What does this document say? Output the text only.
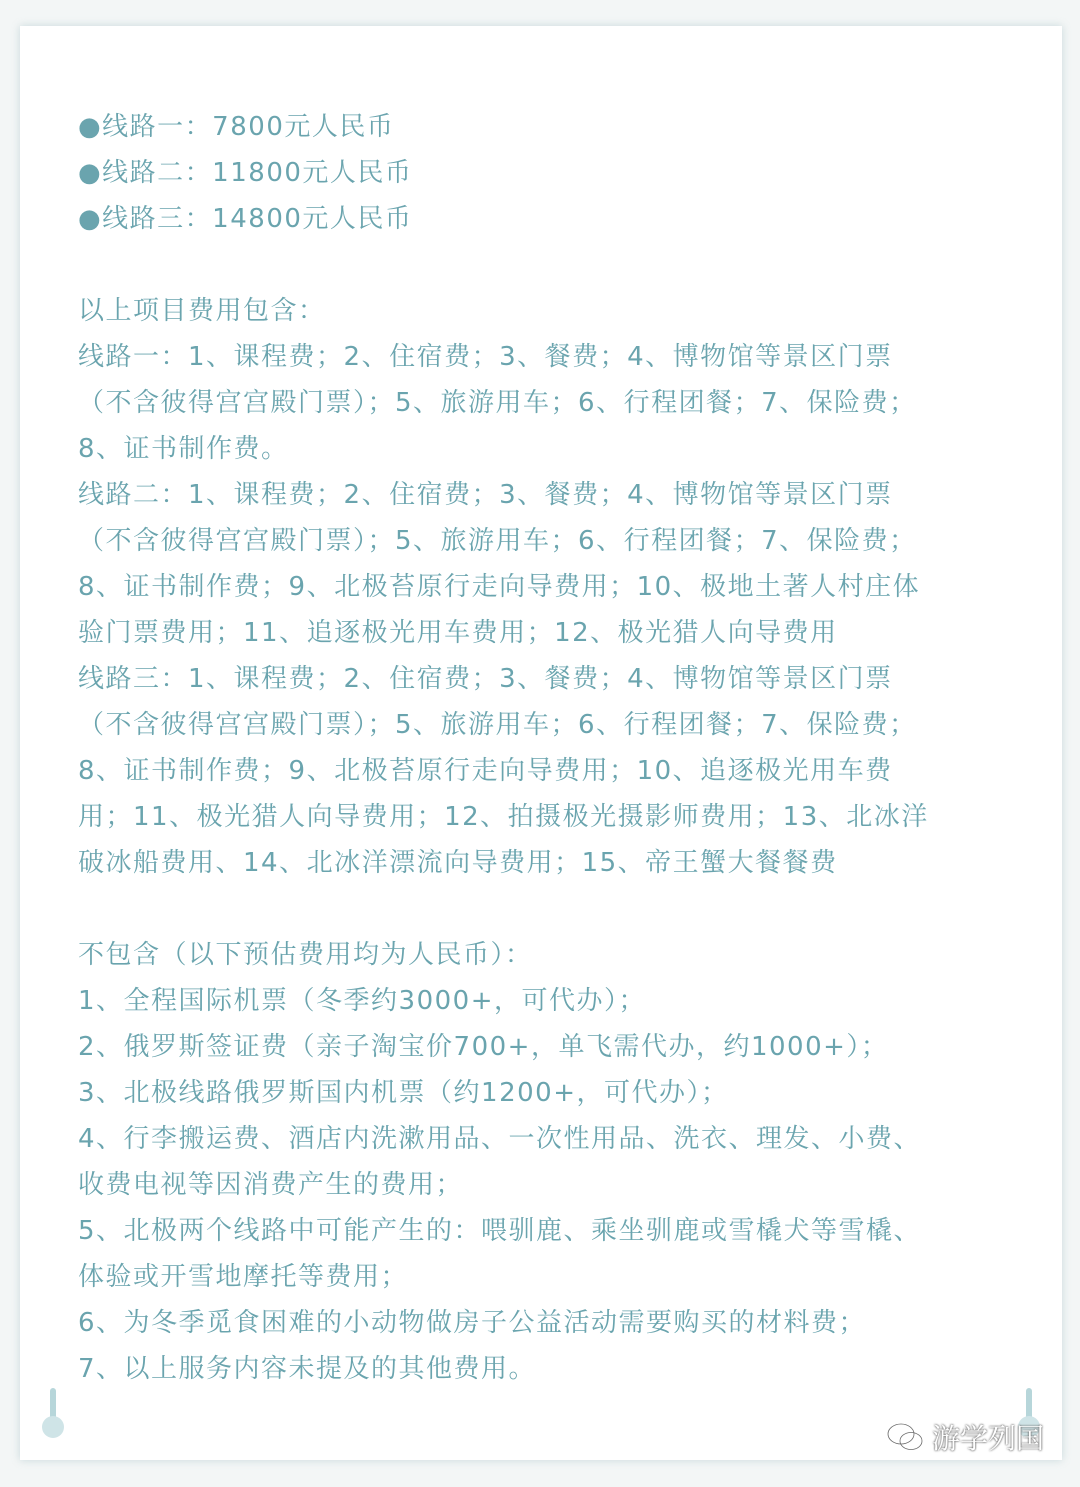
●线路一：7800元人民币
●线路二：11800元人民币
●线路三：14800元人民币
以上项目费用包含：
线路一：1、课程费；2、住宿费；3、餐费；4、博物馆等景区门票
（不含彼得宫宫殿门票）；5、旅游用车；6、行程团餐；7、保险费；
8、证书制作费。
线路二：1、课程费；2、住宿费；3、餐费；4、博物馆等景区门票
（不含彼得宫宫殿门票）；5、旅游用车；6、行程团餐；7、保险费；
8、证书制作费；9、北极苔原行走向导费用；10、极地土著人村庄体
验门票费用；11、追逐极光用车费用；12、极光猎人向导费用
线路三：1、课程费；2、住宿费；3、餐费；4、博物馆等景区门票
（不含彼得宫宫殿门票）；5、旅游用车；6、行程团餐；7、保险费；
8、证书制作费；9、北极苔原行走向导费用；10、追逐极光用车费
用；11、极光猎人向导费用；12、拍摄极光摄影师费用；13、北冰洋
破冰船费用、14、北冰洋漂流向导费用；15、帝王蟹大餐餐费
不包含（以下预估费用均为人民币）：
1、全程国际机票（冬季约3000+，可代办）；
2、俄罗斯签证费（亲子淘宝价700+，单飞需代办，约1000+）；
3、北极线路俄罗斯国内机票（约1200+，可代办）；
4、行李搬运费、酒店内洗漱用品、一次性用品、洗衣、理发、小费、
收费电视等因消费产生的费用；
5、北极两个线路中可能产生的：喂驯鹿、乘坐驯鹿或雪橇犬等雪橇、
体验或开雪地摩托等费用；
6、为冬季觅食困难的小动物做房子公益活动需要购买的材料费；
7、以上服务内容未提及的其他费用。
游学列国
